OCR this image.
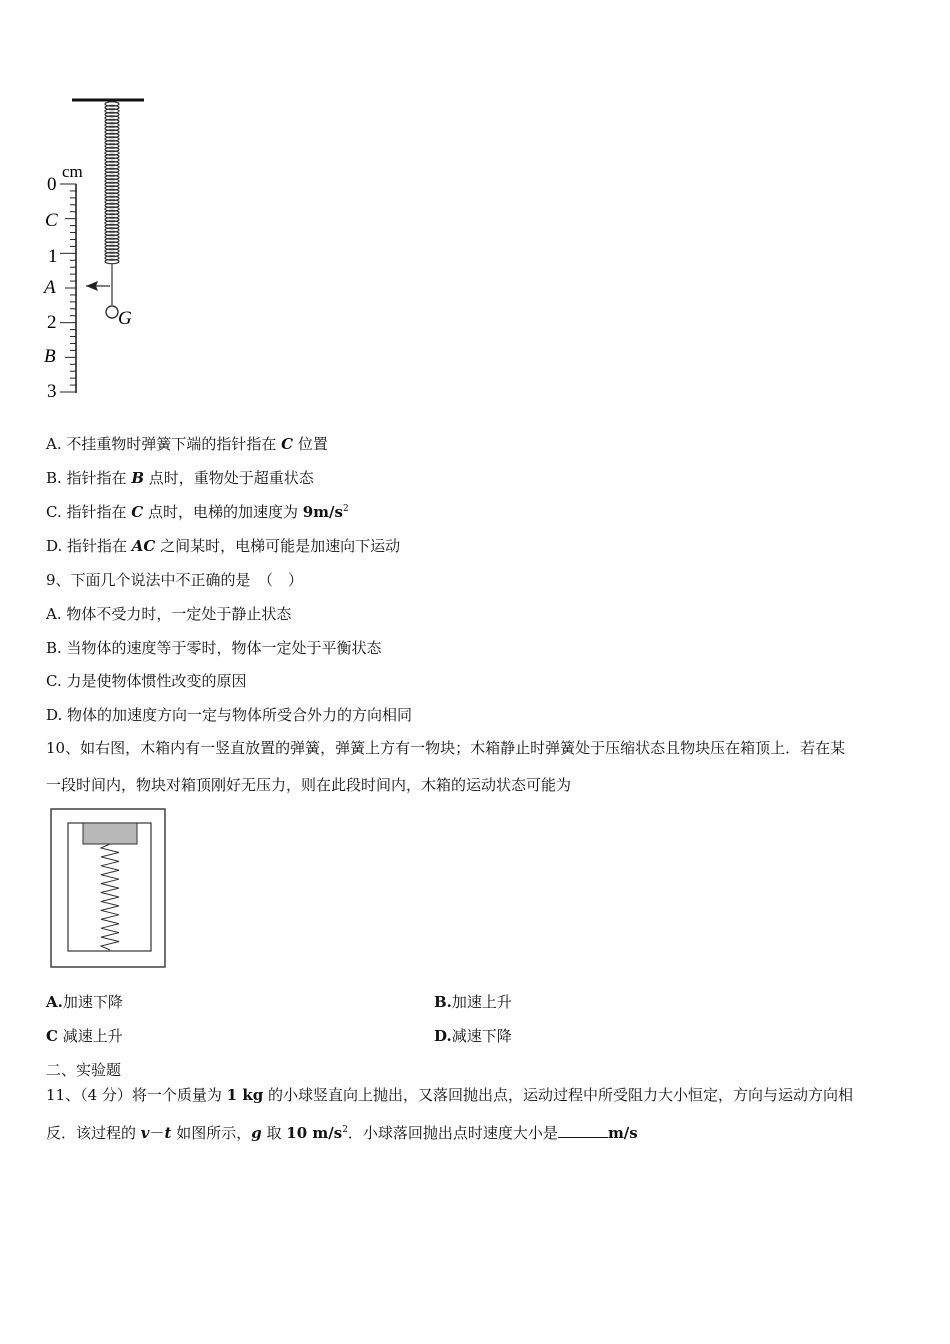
G
cm
0
C
1
A
2
B
3
A. 不挂重物时弹簧下端的指针指在 C 位置
B. 指针指在 B 点时，重物处于超重状态
C. 指针指在 C 点时，电梯的加速度为 $9m/s^2$
D. 指针指在 AC 之间某时，电梯可能是加速向下运动
9、下面几个说法中不正确的是　（　）
A. 物体不受力时，一定处于静止状态
B. 当物体的速度等于零时，物体一定处于平衡状态
C. 力是使物体惯性改变的原因
D. 物体的加速度方向一定与物体所受合外力的方向相同
10、如右图，木箱内有一竖直放置的弹簧，弹簧上方有一物块；木箱静止时弹簧处于压缩状态且物块压在箱顶上．若在某
一段时间内，物块对箱顶刚好无压力，则在此段时间内，木箱的运动状态可能为
A.加速下降	B.加速上升
C 减速上升	D.减速下降
二、实验题
11、（4 分）将一个质量为 1 kg 的小球竖直向上抛出，又落回抛出点，运动过程中所受阻力大小恒定，方向与运动方向相
反．该过程的 v－t 如图所示，g 取 10 $m/s^2$．小球落回抛出点时速度大小是	m/s
